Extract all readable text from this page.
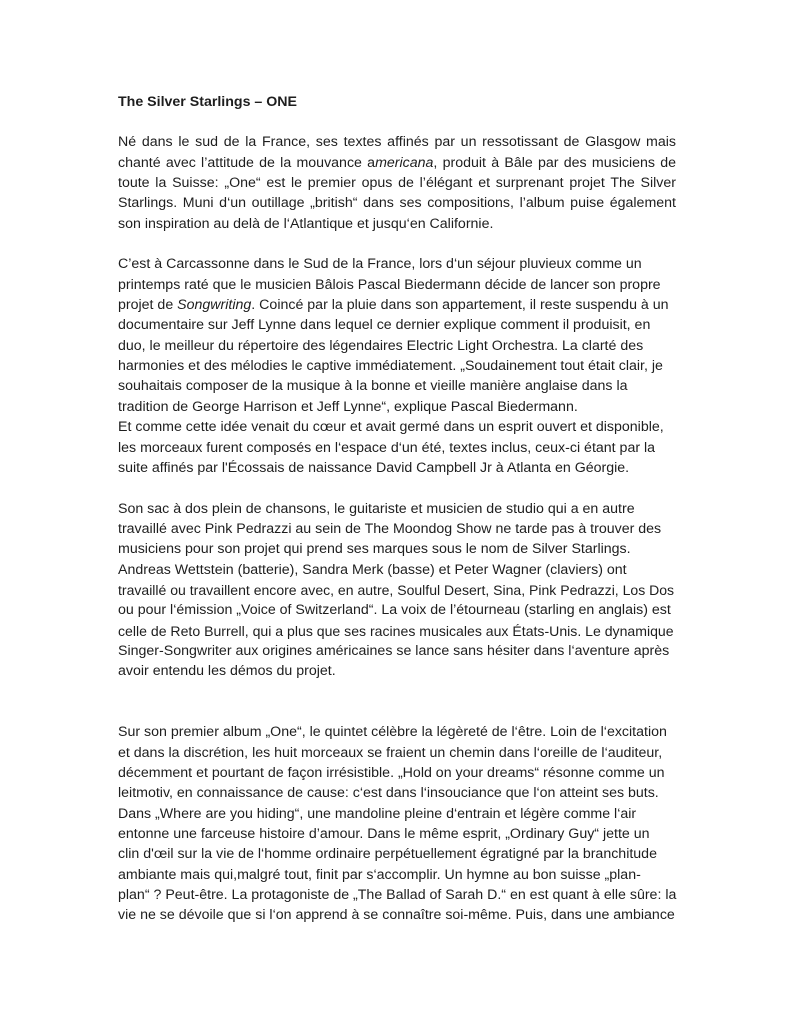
The Silver Starlings – ONE
Né dans le sud de la France, ses textes affinés par un ressotissant de Glasgow mais
chanté avec l’attitude de la mouvance americana, produit à Bâle par des musiciens de
toute la Suisse: „One“ est le premier opus de l’élégant et surprenant projet The Silver
Starlings. Muni d‘un outillage „british“ dans ses compositions, l’album puise également
son inspiration au delà de l‘Atlantique et jusqu‘en Californie.
C’est à Carcassonne dans le Sud de la France, lors d‘un séjour pluvieux comme un
printemps raté que le musicien Bâlois Pascal Biedermann décide de lancer son propre
projet de Songwriting. Coincé par la pluie dans son appartement, il reste suspendu à un
documentaire sur Jeff Lynne dans lequel ce dernier explique comment il produisit, en
duo, le meilleur du répertoire des légendaires Electric Light Orchestra. La clarté des
harmonies et des mélodies le captive immédiatement. „Soudainement tout était clair, je
souhaitais composer de la musique à la bonne et vieille manière anglaise dans la
tradition de George Harrison et Jeff Lynne“, explique Pascal Biedermann.
Et comme cette idée venait du cœur et avait germé dans un esprit ouvert et disponible,
les morceaux furent composés en l‘espace d‘un été, textes inclus, ceux-ci étant par la
suite affinés par l'Écossais de naissance David Campbell Jr à Atlanta en Géorgie.
Son sac à dos plein de chansons, le guitariste et musicien de studio qui a en autre
travaillé avec Pink Pedrazzi au sein de The Moondog Show ne tarde pas à trouver des
musiciens pour son projet qui prend ses marques sous le nom de Silver Starlings.
Andreas Wettstein (batterie), Sandra Merk (basse) et Peter Wagner (claviers) ont
travaillé ou travaillent encore avec, en autre, Soulful Desert, Sina, Pink Pedrazzi, Los Dos
ou pour l‘émission „Voice of Switzerland“. La voix de l’étourneau (starling en anglais) est
celle de Reto Burrell, qui a plus que ses racines musicales aux États-Unis. Le dynamique
Singer-Songwriter aux origines américaines se lance sans hésiter dans l‘aventure après
avoir entendu les démos du projet.
Sur son premier album „One“, le quintet célèbre la légèreté de l‘être. Loin de l‘excitation
et dans la discrétion, les huit morceaux se fraient un chemin dans l‘oreille de l‘auditeur,
décemment et pourtant de façon irrésistible. „Hold on your dreams“ résonne comme un
leitmotiv, en connaissance de cause: c‘est dans l‘insouciance que l‘on atteint ses buts.
Dans „Where are you hiding“, une mandoline pleine d‘entrain et légère comme l‘air
entonne une farceuse histoire d’amour. Dans le même esprit, „Ordinary Guy“ jette un
clin d'œil sur la vie de l‘homme ordinaire perpétuellement égratigné par la branchitude
ambiante mais qui,malgré tout, finit par s‘accomplir. Un hymne au bon suisse „plan-
plan“ ? Peut-être. La protagoniste de „The Ballad of Sarah D.“ en est quant à elle sûre: la
vie ne se dévoile que si l‘on apprend à se connaître soi-même. Puis, dans une ambiance
